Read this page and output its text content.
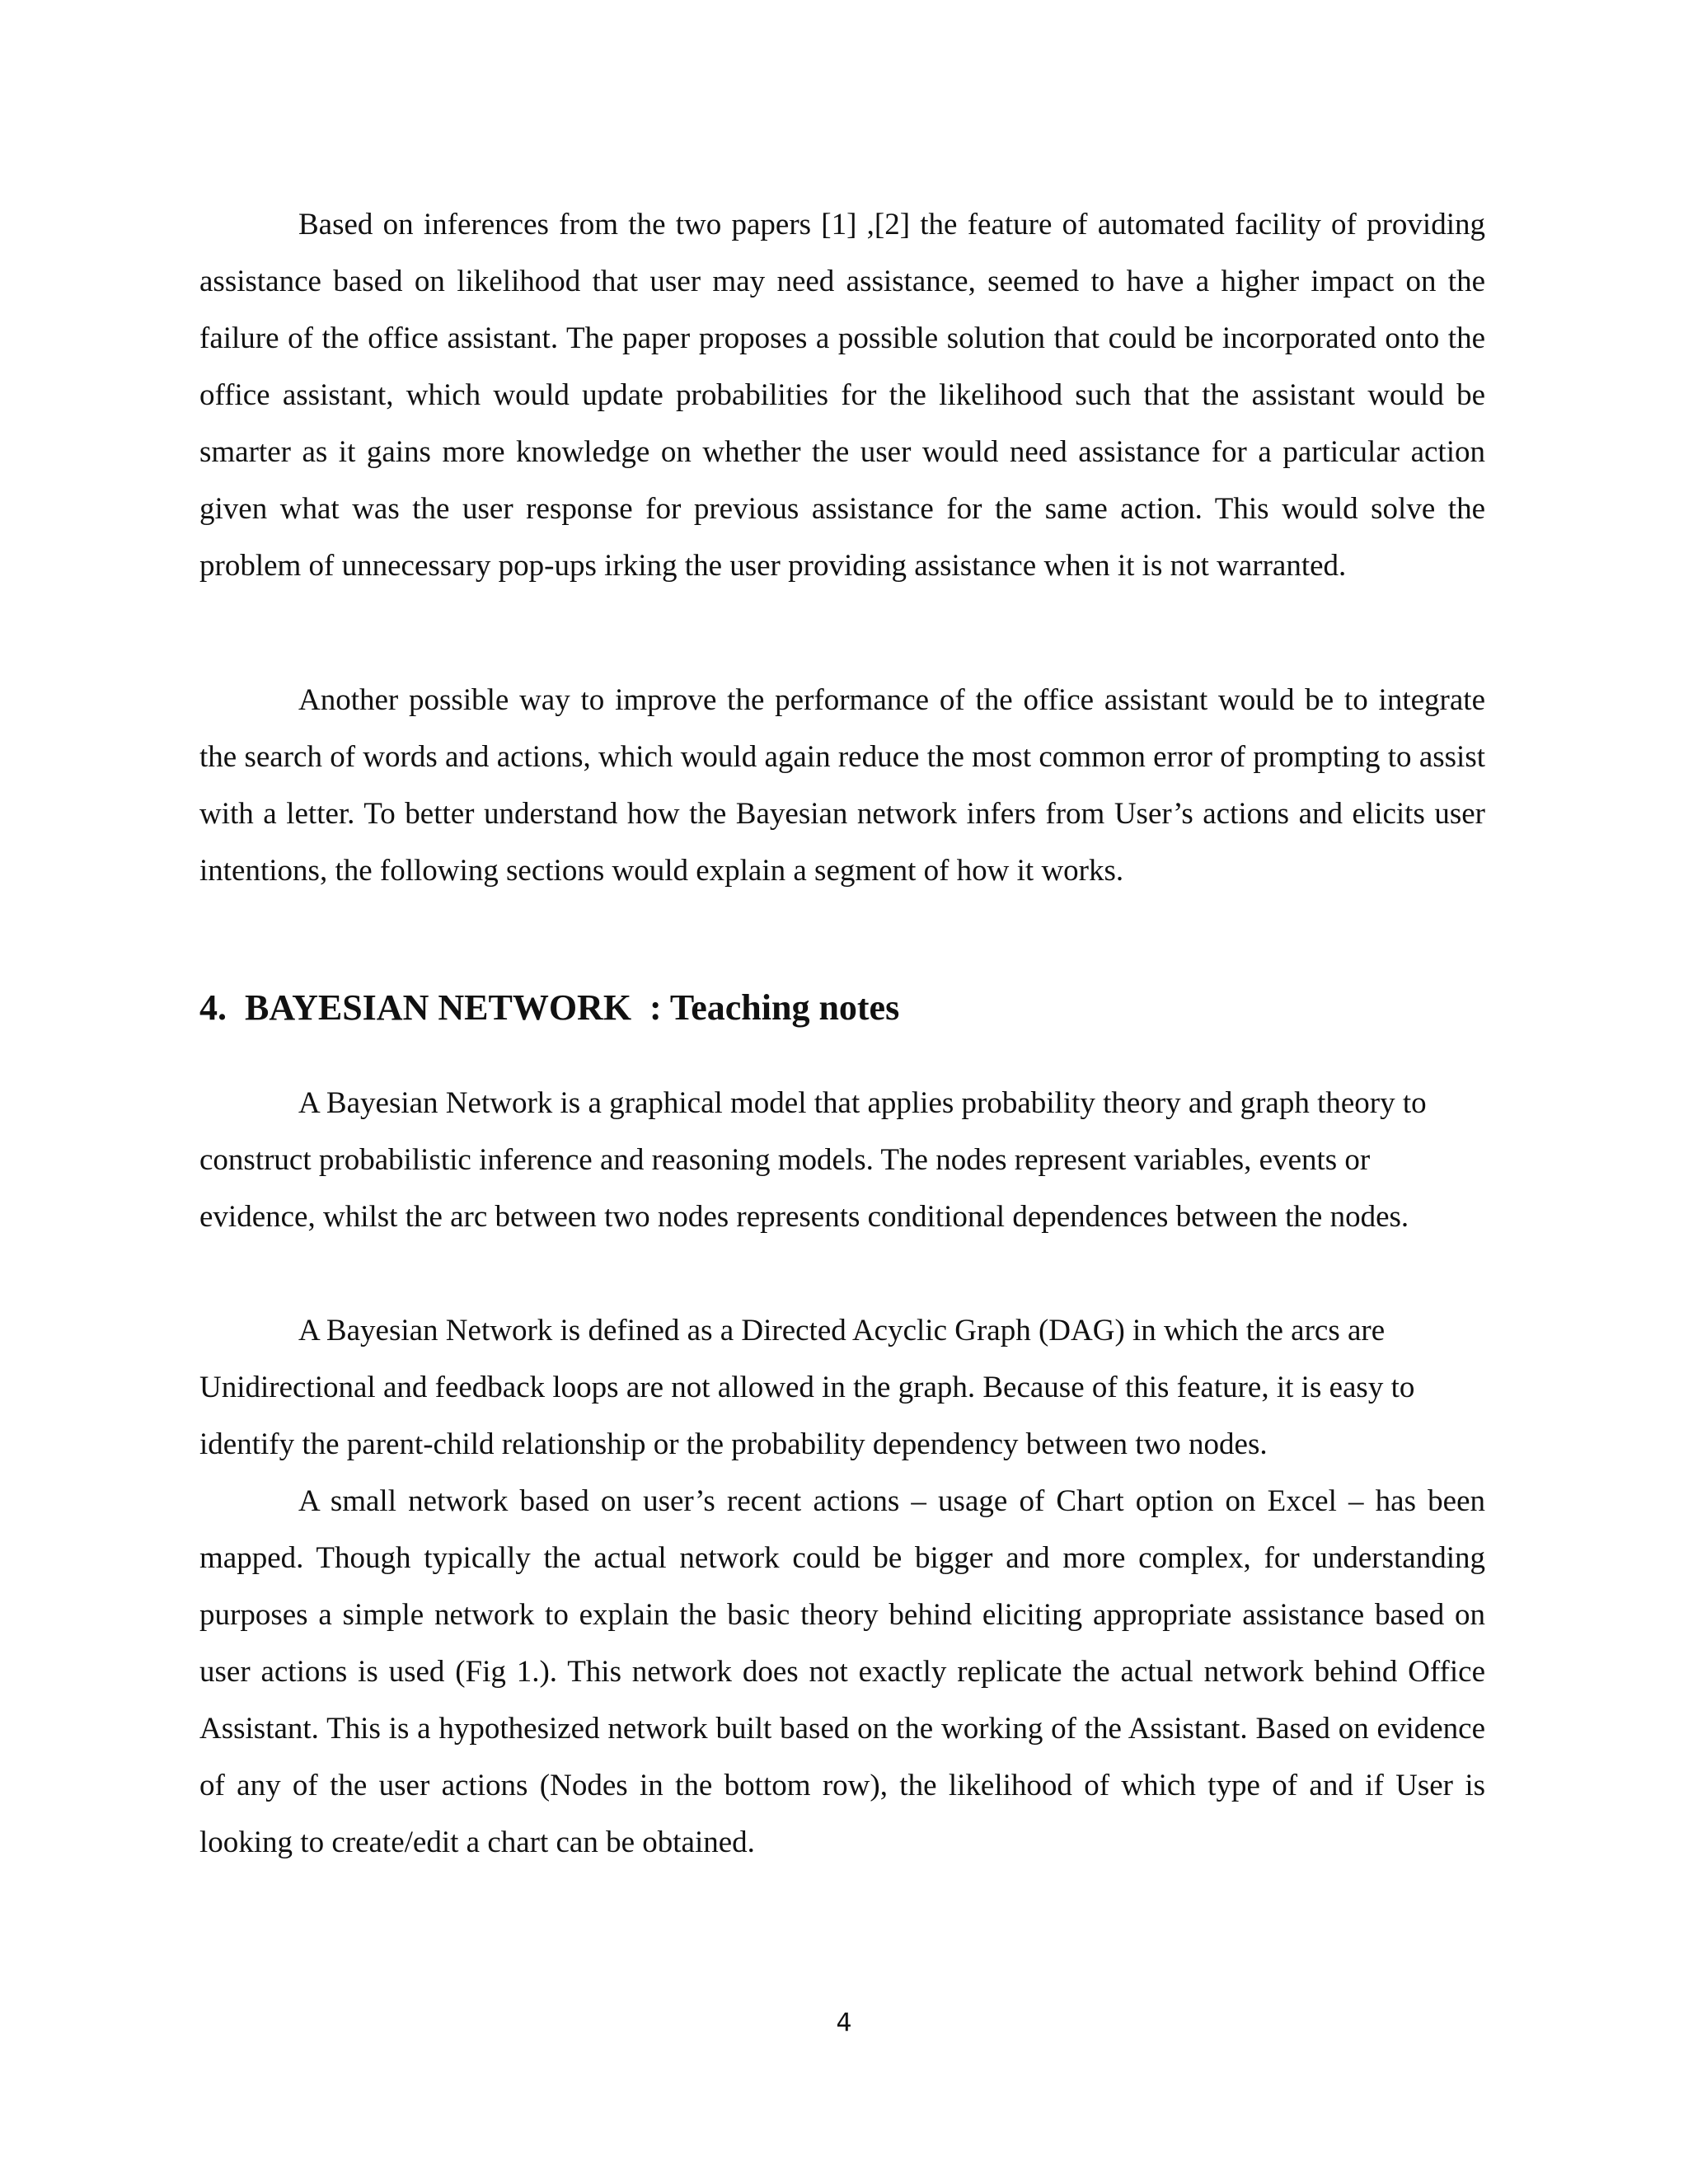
Based on inferences from the two papers [1] ,[2] the feature of automated facility of providing assistance based on likelihood that user may need assistance, seemed to have a higher impact on the failure of the office assistant. The paper proposes a possible solution that could be incorporated onto the office assistant, which would update probabilities for the likelihood such that the assistant would be smarter as it gains more knowledge on whether the user would need assistance for a particular action given what was the user response for previous assistance for the same action. This would solve the problem of unnecessary pop-ups irking the user providing assistance when it is not warranted.

Another possible way to improve the performance of the office assistant would be to integrate the search of words and actions, which would again reduce the most common error of prompting to assist with a letter. To better understand how the Bayesian network infers from User’s actions and elicits user intentions, the following sections would explain a segment of how it works.

4.  BAYESIAN NETWORK  : Teaching notes

A Bayesian Network is a graphical model that applies probability theory and graph theory to construct probabilistic inference and reasoning models. The nodes represent variables, events or evidence, whilst the arc between two nodes represents conditional dependences between the nodes.

A Bayesian Network is defined as a Directed Acyclic Graph (DAG) in which the arcs are Unidirectional and feedback loops are not allowed in the graph. Because of this feature, it is easy to identify the parent-child relationship or the probability dependency between two nodes.

A small network based on user’s recent actions – usage of Chart option on Excel – has been mapped. Though typically the actual network could be bigger and more complex, for understanding purposes a simple network to explain the basic theory behind eliciting appropriate assistance based on user actions is used (Fig 1.). This network does not exactly replicate the actual network behind Office Assistant. This is a hypothesized network built based on the working of the Assistant. Based on evidence of any of the user actions (Nodes in the bottom row), the likelihood of which type of and if User is looking to create/edit a chart can be obtained.

4
